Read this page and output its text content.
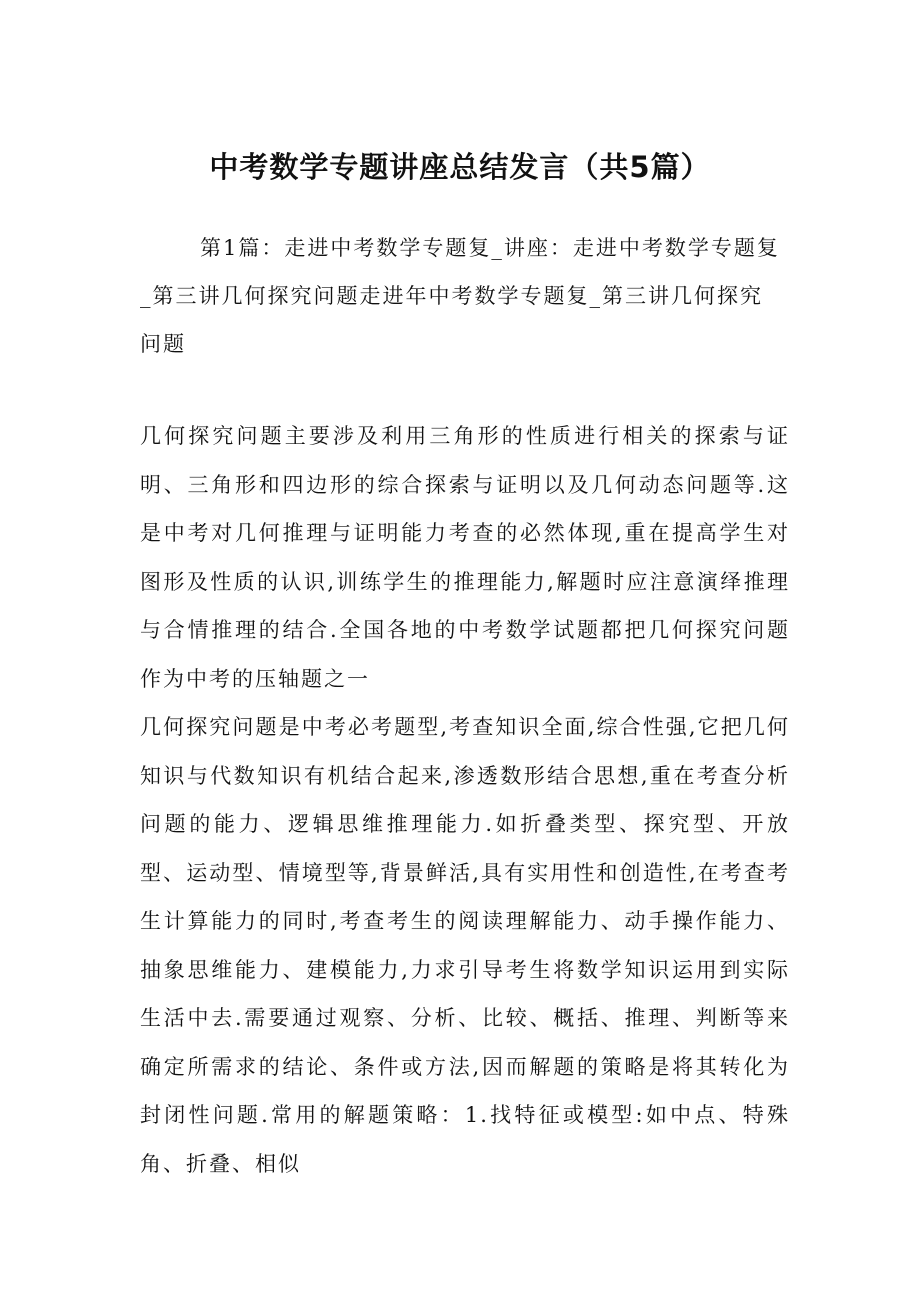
中考数学专题讲座总结发言（共5篇）

第1篇：走进中考数学专题复_讲座：走进中考数学专题复_第三讲几何探究问题走进年中考数学专题复_第三讲几何探究问题

几何探究问题主要涉及利用三角形的性质进行相关的探索与证明、三角形和四边形的综合探索与证明以及几何动态问题等.这是中考对几何推理与证明能力考查的必然体现,重在提高学生对图形及性质的认识,训练学生的推理能力,解题时应注意演绎推理与合情推理的结合.全国各地的中考数学试题都把几何探究问题作为中考的压轴题之一

几何探究问题是中考必考题型,考查知识全面,综合性强,它把几何知识与代数知识有机结合起来,渗透数形结合思想,重在考查分析问题的能力、逻辑思维推理能力.如折叠类型、探究型、开放型、运动型、情境型等,背景鲜活,具有实用性和创造性,在考查考生计算能力的同时,考查考生的阅读理解能力、动手操作能力、抽象思维能力、建模能力,力求引导考生将数学知识运用到实际生活中去.需要通过观察、分析、比较、概括、推理、判断等来确定所需求的结论、条件或方法,因而解题的策略是将其转化为封闭性问题.常用的解题策略：1.找特征或模型:如中点、特殊角、折叠、相似
